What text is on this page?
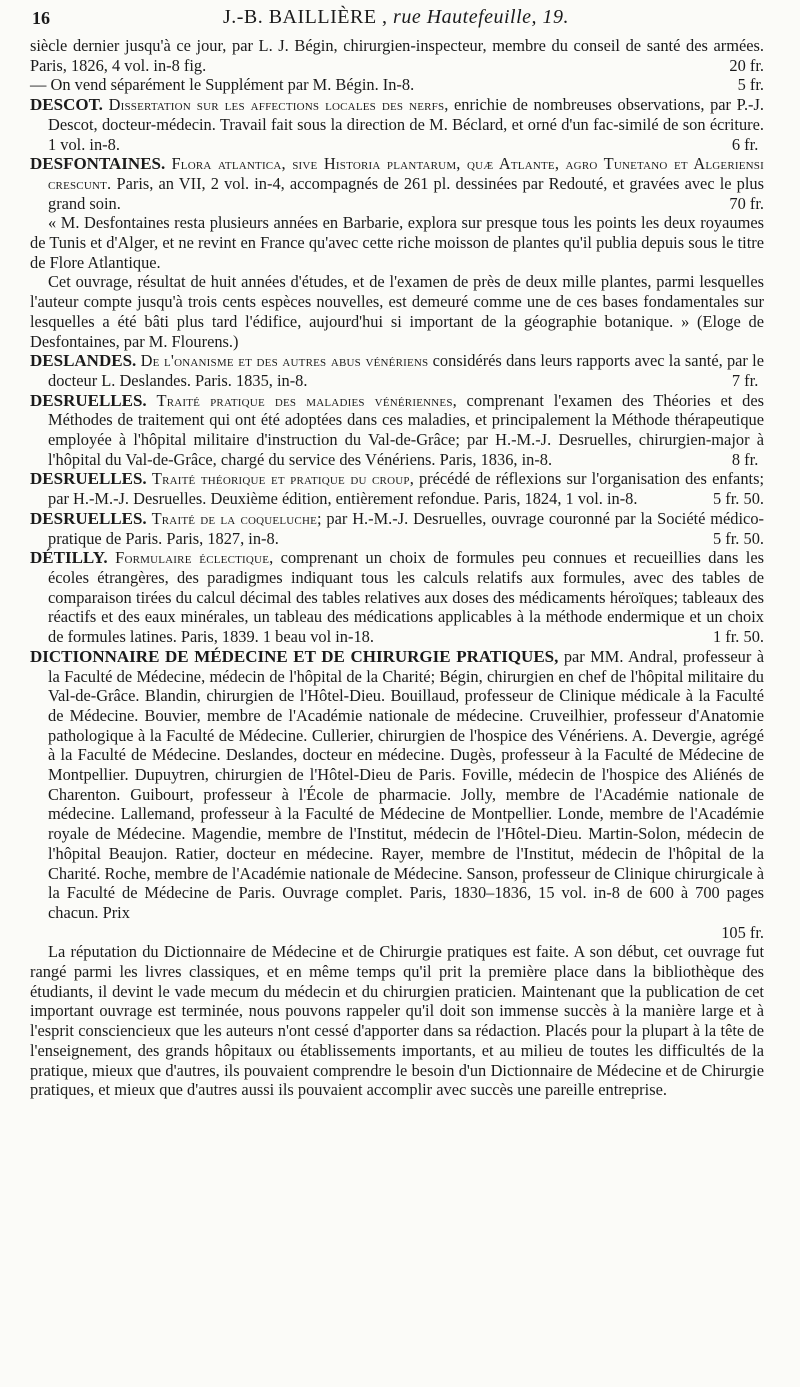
16	J.-B. BAILLIÈRE , rue Hautefeuille, 19.

siècle dernier jusqu'à ce jour, par L. J. Bégin, chirurgien-inspecteur, membre du conseil de santé des armées. Paris, 1826, 4 vol. in-8 fig.	20 fr.

— On vend séparément le Supplément par M. Bégin. In-8.	5 fr.

DESCOT. Dissertation sur les affections locales des nerfs, enrichie de nombreuses observations, par P.-J. Descot, docteur-médecin. Travail fait sous la direction de M. Béclard, et orné d'un fac-similé de son écriture. 1 vol. in-8.	6 fr.

DESFONTAINES. Flora atlantica, sive Historia plantarum, quæ Atlante, agro Tunetano et Algeriensi crescunt. Paris, an VII, 2 vol. in-4, accompagnés de 261 pl. dessinées par Redouté, et gravées avec le plus grand soin.	70 fr.

« M. Desfontaines resta plusieurs années en Barbarie, explora sur presque tous les points les deux royaumes de Tunis et d'Alger, et ne revint en France qu'avec cette riche moisson de plantes qu'il publia depuis sous le titre de Flore Atlantique.

Cet ouvrage, résultat de huit années d'études, et de l'examen de près de deux mille plantes, parmi lesquelles l'auteur compte jusqu'à trois cents espèces nouvelles, est demeuré comme une de ces bases fondamentales sur lesquelles a été bâti plus tard l'édifice, aujourd'hui si important de la géographie botanique. » (Eloge de Desfontaines, par M. Flourens.)

DESLANDES. De l'onanisme et des autres abus vénériens considérés dans leurs rapports avec la santé, par le docteur L. Deslandes. Paris. 1835, in-8.	7 fr.

DESRUELLES. Traité pratique des maladies vénériennes, comprenant l'examen des Théories et des Méthodes de traitement qui ont été adoptées dans ces maladies, et principalement la Méthode thérapeutique employée à l'hôpital militaire d'instruction du Val-de-Grâce; par H.-M.-J. Desruelles, chirurgien-major à l'hôpital du Val-de-Grâce, chargé du service des Vénériens. Paris, 1836, in-8.	8 fr.

DESRUELLES. Traité théorique et pratique du croup, précédé de réflexions sur l'organisation des enfants; par H.-M.-J. Desruelles. Deuxième édition, entièrement refondue. Paris, 1824, 1 vol. in-8.	5 fr. 50.

DESRUELLES. Traité de la coqueluche; par H.-M.-J. Desruelles, ouvrage couronné par la Société médico-pratique de Paris. Paris, 1827, in-8.	5 fr. 50.

DÉTILLY. Formulaire éclectique, comprenant un choix de formules peu connues et recueillies dans les écoles étrangères, des paradigmes indiquant tous les calculs relatifs aux formules, avec des tables de comparaison tirées du calcul décimal des tables relatives aux doses des médicaments héroïques; tableaux des réactifs et des eaux minérales, un tableau des médications applicables à la méthode endermique et un choix de formules latines. Paris, 1839. 1 beau vol in-18.	1 fr. 50.

DICTIONNAIRE DE MÉDECINE ET DE CHIRURGIE PRATIQUES, par MM. Andral, professeur à la Faculté de Médecine, médecin de l'hôpital de la Charité; Bégin, chirurgien en chef de l'hôpital militaire du Val-de-Grâce. Blandin, chirurgien de l'Hôtel-Dieu. Bouillaud, professeur de Clinique médicale à la Faculté de Médecine. Bouvier, membre de l'Académie nationale de médecine. Cruveilhier, professeur d'Anatomie pathologique à la Faculté de Médecine. Cullerier, chirurgien de l'hospice des Vénériens. A. Devergie, agrégé à la Faculté de Médecine. Deslandes, docteur en médecine. Dugès, professeur à la Faculté de Médecine de Montpellier. Dupuytren, chirurgien de l'Hôtel-Dieu de Paris. Foville, médecin de l'hospice des Aliénés de Charenton. Guibourt, professeur à l'École de pharmacie. Jolly, membre de l'Académie nationale de médecine. Lallemand, professeur à la Faculté de Médecine de Montpellier. Londe, membre de l'Académie royale de Médecine. Magendie, membre de l'Institut, médecin de l'Hôtel-Dieu. Martin-Solon, médecin de l'hôpital Beaujon. Ratier, docteur en médecine. Rayer, membre de l'Institut, médecin de l'hôpital de la Charité. Roche, membre de l'Académie nationale de Médecine. Sanson, professeur de Clinique chirurgicale à la Faculté de Médecine de Paris. Ouvrage complet. Paris, 1830–1836, 15 vol. in-8 de 600 à 700 pages chacun. Prix

105 fr.

La réputation du Dictionnaire de Médecine et de Chirurgie pratiques est faite. A son début, cet ouvrage fut rangé parmi les livres classiques, et en même temps qu'il prit la première place dans la bibliothèque des étudiants, il devint le vade mecum du médecin et du chirurgien praticien. Maintenant que la publication de cet important ouvrage est terminée, nous pouvons rappeler qu'il doit son immense succès à la manière large et à l'esprit consciencieux que les auteurs n'ont cessé d'apporter dans sa rédaction. Placés pour la plupart à la tête de l'enseignement, des grands hôpitaux ou établissements importants, et au milieu de toutes les difficultés de la pratique, mieux que d'autres, ils pouvaient comprendre le besoin d'un Dictionnaire de Médecine et de Chirurgie pratiques, et mieux que d'autres aussi ils pouvaient accomplir avec succès une pareille entreprise.
